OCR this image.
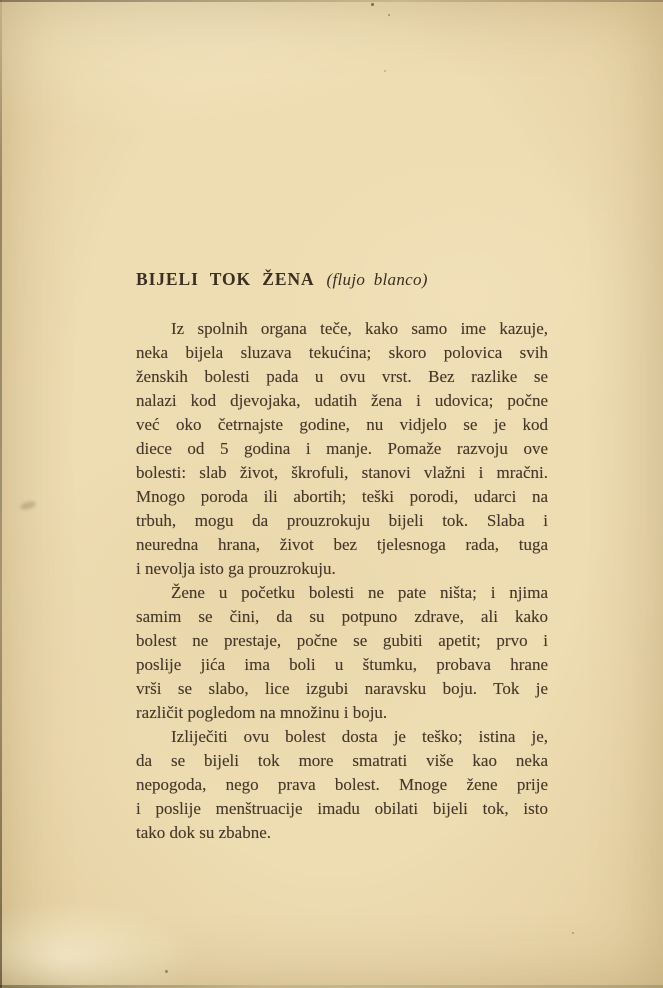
BIJELI TOK ŽENA (flujo blanco)
Iz spolnih organa teče, kako samo ime kazuje,
neka bijela sluzava tekućina; skoro polovica svih
ženskih bolesti pada u ovu vrst. Bez razlike se
nalazi kod djevojaka, udatih žena i udovica; počne
već oko četrnajste godine, nu vidjelo se je kod
diece od 5 godina i manje. Pomaže razvoju ove
bolesti: slab život, škrofuli, stanovi vlažni i mračni.
Mnogo poroda ili abortih; teški porodi, udarci na
trbuh, mogu da prouzrokuju bijeli tok. Slaba i
neuredna hrana, život bez tjelesnoga rada, tuga
i nevolja isto ga prouzrokuju.
Žene u početku bolesti ne pate ništa; i njima
samim se čini, da su potpuno zdrave, ali kako
bolest ne prestaje, počne se gubiti apetit; prvo i
poslije jića ima boli u štumku, probava hrane
vrši se slabo, lice izgubi naravsku boju. Tok je
različit pogledom na množinu i boju.
Izliječiti ovu bolest dosta je teško; istina je,
da se bijeli tok more smatrati više kao neka
nepogoda, nego prava bolest. Mnoge žene prije
i poslije menštruacije imadu obilati bijeli tok, isto
tako dok su zbabne.
